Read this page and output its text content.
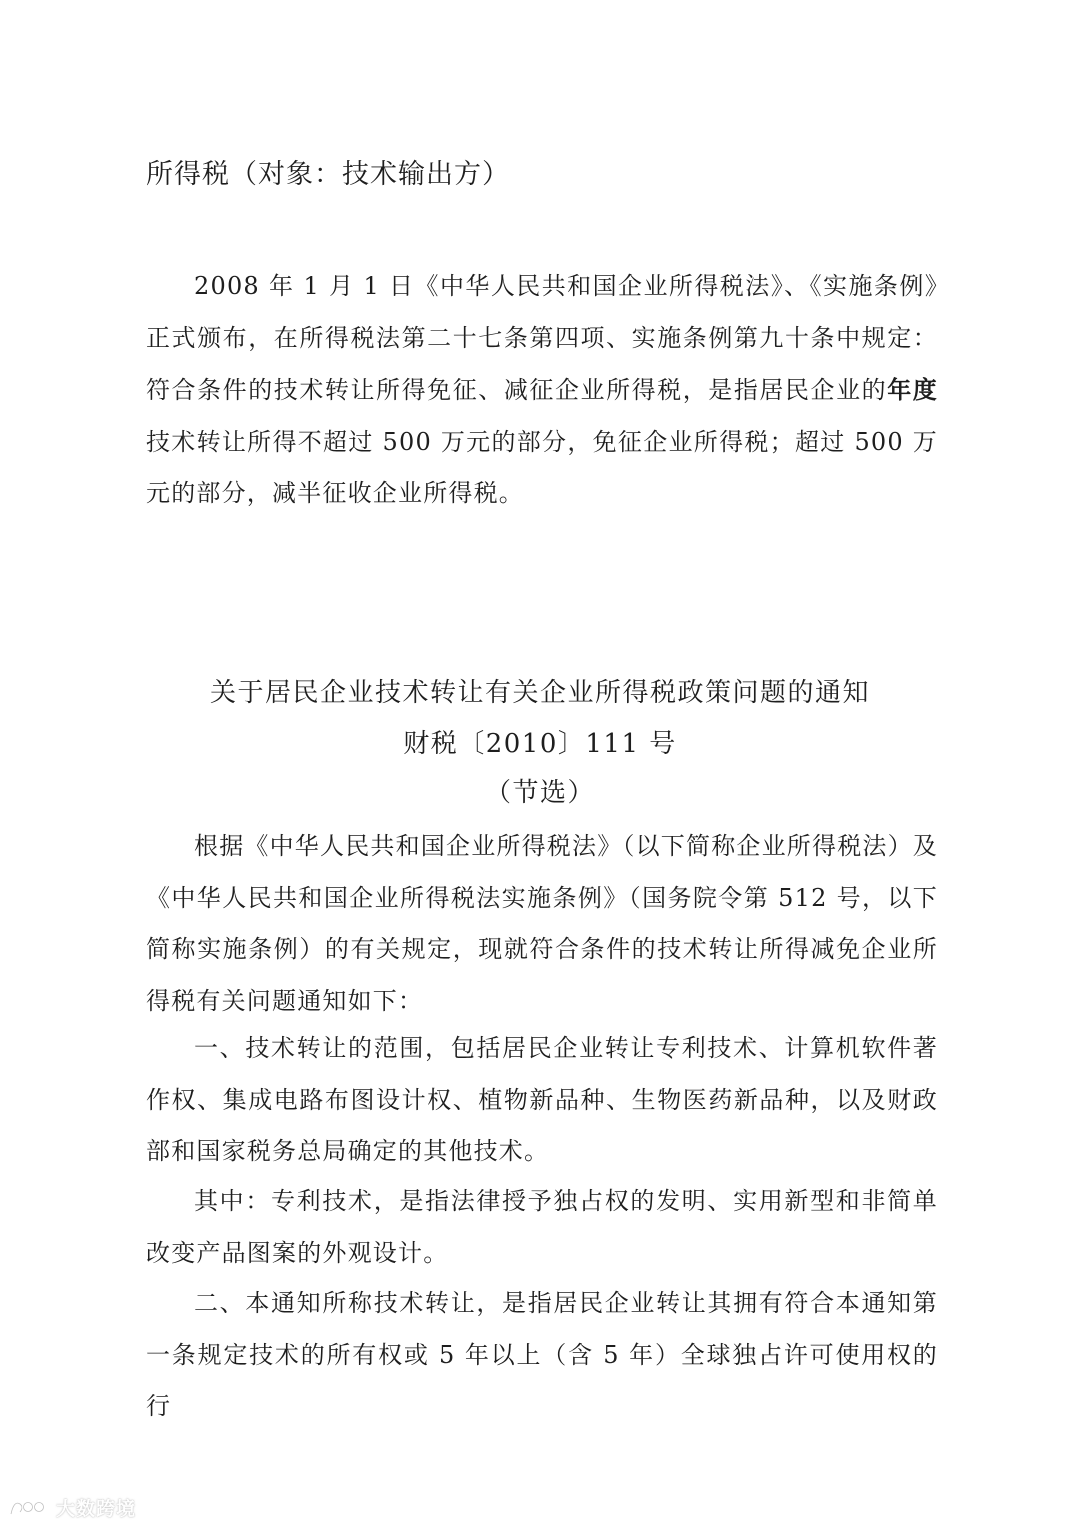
所得税（对象：技术输出方）

2008 年 1 月 1 日《中华人民共和国企业所得税法》、《实施条例》正式颁布，在所得税法第二十七条第四项、实施条例第九十条中规定：符合条件的技术转让所得免征、减征企业所得税，是指居民企业的年度技术转让所得不超过 500 万元的部分，免征企业所得税；超过 500 万元的部分，减半征收企业所得税。

关于居民企业技术转让有关企业所得税政策问题的通知
财税〔2010〕111 号
（节选）

根据《中华人民共和国企业所得税法》（以下简称企业所得税法）及《中华人民共和国企业所得税法实施条例》（国务院令第 512 号，以下简称实施条例）的有关规定，现就符合条件的技术转让所得减免企业所得税有关问题通知如下：

一、技术转让的范围，包括居民企业转让专利技术、计算机软件著作权、集成电路布图设计权、植物新品种、生物医药新品种，以及财政部和国家税务总局确定的其他技术。

其中：专利技术，是指法律授予独占权的发明、实用新型和非简单改变产品图案的外观设计。

二、本通知所称技术转让，是指居民企业转让其拥有符合本通知第一条规定技术的所有权或 5 年以上（含 5 年）全球独占许可使用权的行

大数跨境
